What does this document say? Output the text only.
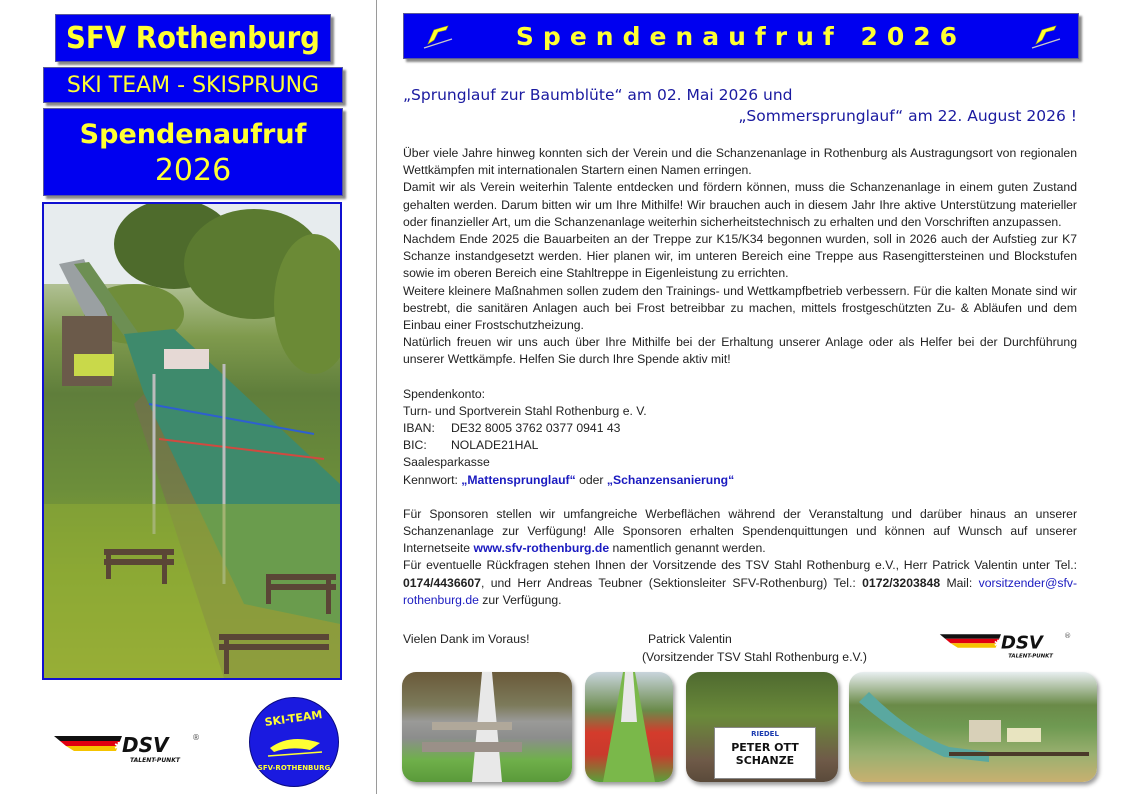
SFV Rothenburg
SKI TEAM - SKISPRUNG
Spendenaufruf
2026
DSV
✱
®
TALENT-PUNKT
SKI-TEAM
SFV-ROTHENBURG
Spendenaufruf 2026
„Sprunglauf zur Baumblüte“ am 02. Mai 2026 und
„Sommersprunglauf“ am 22. August 2026 !

Über viele Jahre hinweg konnten sich der Verein und die Schanzenanlage in Rothenburg als Austragungsort von regionalen Wettkämpfen mit internationalen Startern einen Namen erringen.

Damit wir als Verein weiterhin Talente entdecken und fördern können, muss die Schanzenanlage in einem guten Zustand gehalten werden. Darum bitten wir um Ihre Mithilfe! Wir brauchen auch in diesem Jahr Ihre aktive Unterstützung materieller oder finanzieller Art, um die Schanzenanlage weiterhin sicherheitstechnisch zu erhalten und den Vorschriften anzupassen.

Nachdem Ende 2025 die Bauarbeiten an der Treppe zur K15/K34 begonnen wurden, soll in 2026 auch der Aufstieg zur K7 Schanze instandgesetzt werden. Hier planen wir, im unteren Bereich eine Treppe aus Rasengittersteinen und Blockstufen sowie im oberen Bereich eine Stahltreppe in Eigenleistung zu errichten.

Weitere kleinere Maßnahmen sollen zudem den Trainings- und Wettkampfbetrieb verbessern. Für die kalten Monate sind wir bestrebt, die sanitären Anlagen auch bei Frost betreibbar zu machen, mittels frostgeschützten Zu- & Abläufen und dem Einbau einer Frostschutzheizung.

Natürlich freuen wir uns auch über Ihre Mithilfe bei der Erhaltung unserer Anlage oder als Helfer bei der Durchführung unserer Wettkämpfe. Helfen Sie durch Ihre Spende aktiv mit!

Spendenkonto:

Turn- und Sportverein Stahl Rothenburg e. V.

IBAN: DE32 8005 3762 0377 0941 43

BIC: NOLADE21HAL

Saalesparkasse

Kennwort: „Mattensprunglauf“ oder „Schanzensanierung“

Für Sponsoren stellen wir umfangreiche Werbeflächen während der Veranstaltung und darüber hinaus an unserer Schanzenanlage zur Verfügung! Alle Sponsoren erhalten Spendenquittungen und können auf Wunsch auf unserer Internetseite www.sfv-rothenburg.de namentlich genannt werden.

Für eventuelle Rückfragen stehen Ihnen der Vorsitzende des TSV Stahl Rothenburg e.V., Herr Patrick Valentin unter Tel.: 0174/4436607, und Herr Andreas Teubner (Sektionsleiter SFV-Rothenburg) Tel.: 0172/3203848 Mail: vorsitzender@sfv-rothenburg.de zur Verfügung.

Vielen Dank im Voraus!	Patrick Valentin
(Vorsitzender TSV Stahl Rothenburg e.V.)
DSV
✱
®
TALENT-PUNKT
RIEDEL
PETER OTT
SCHANZE
